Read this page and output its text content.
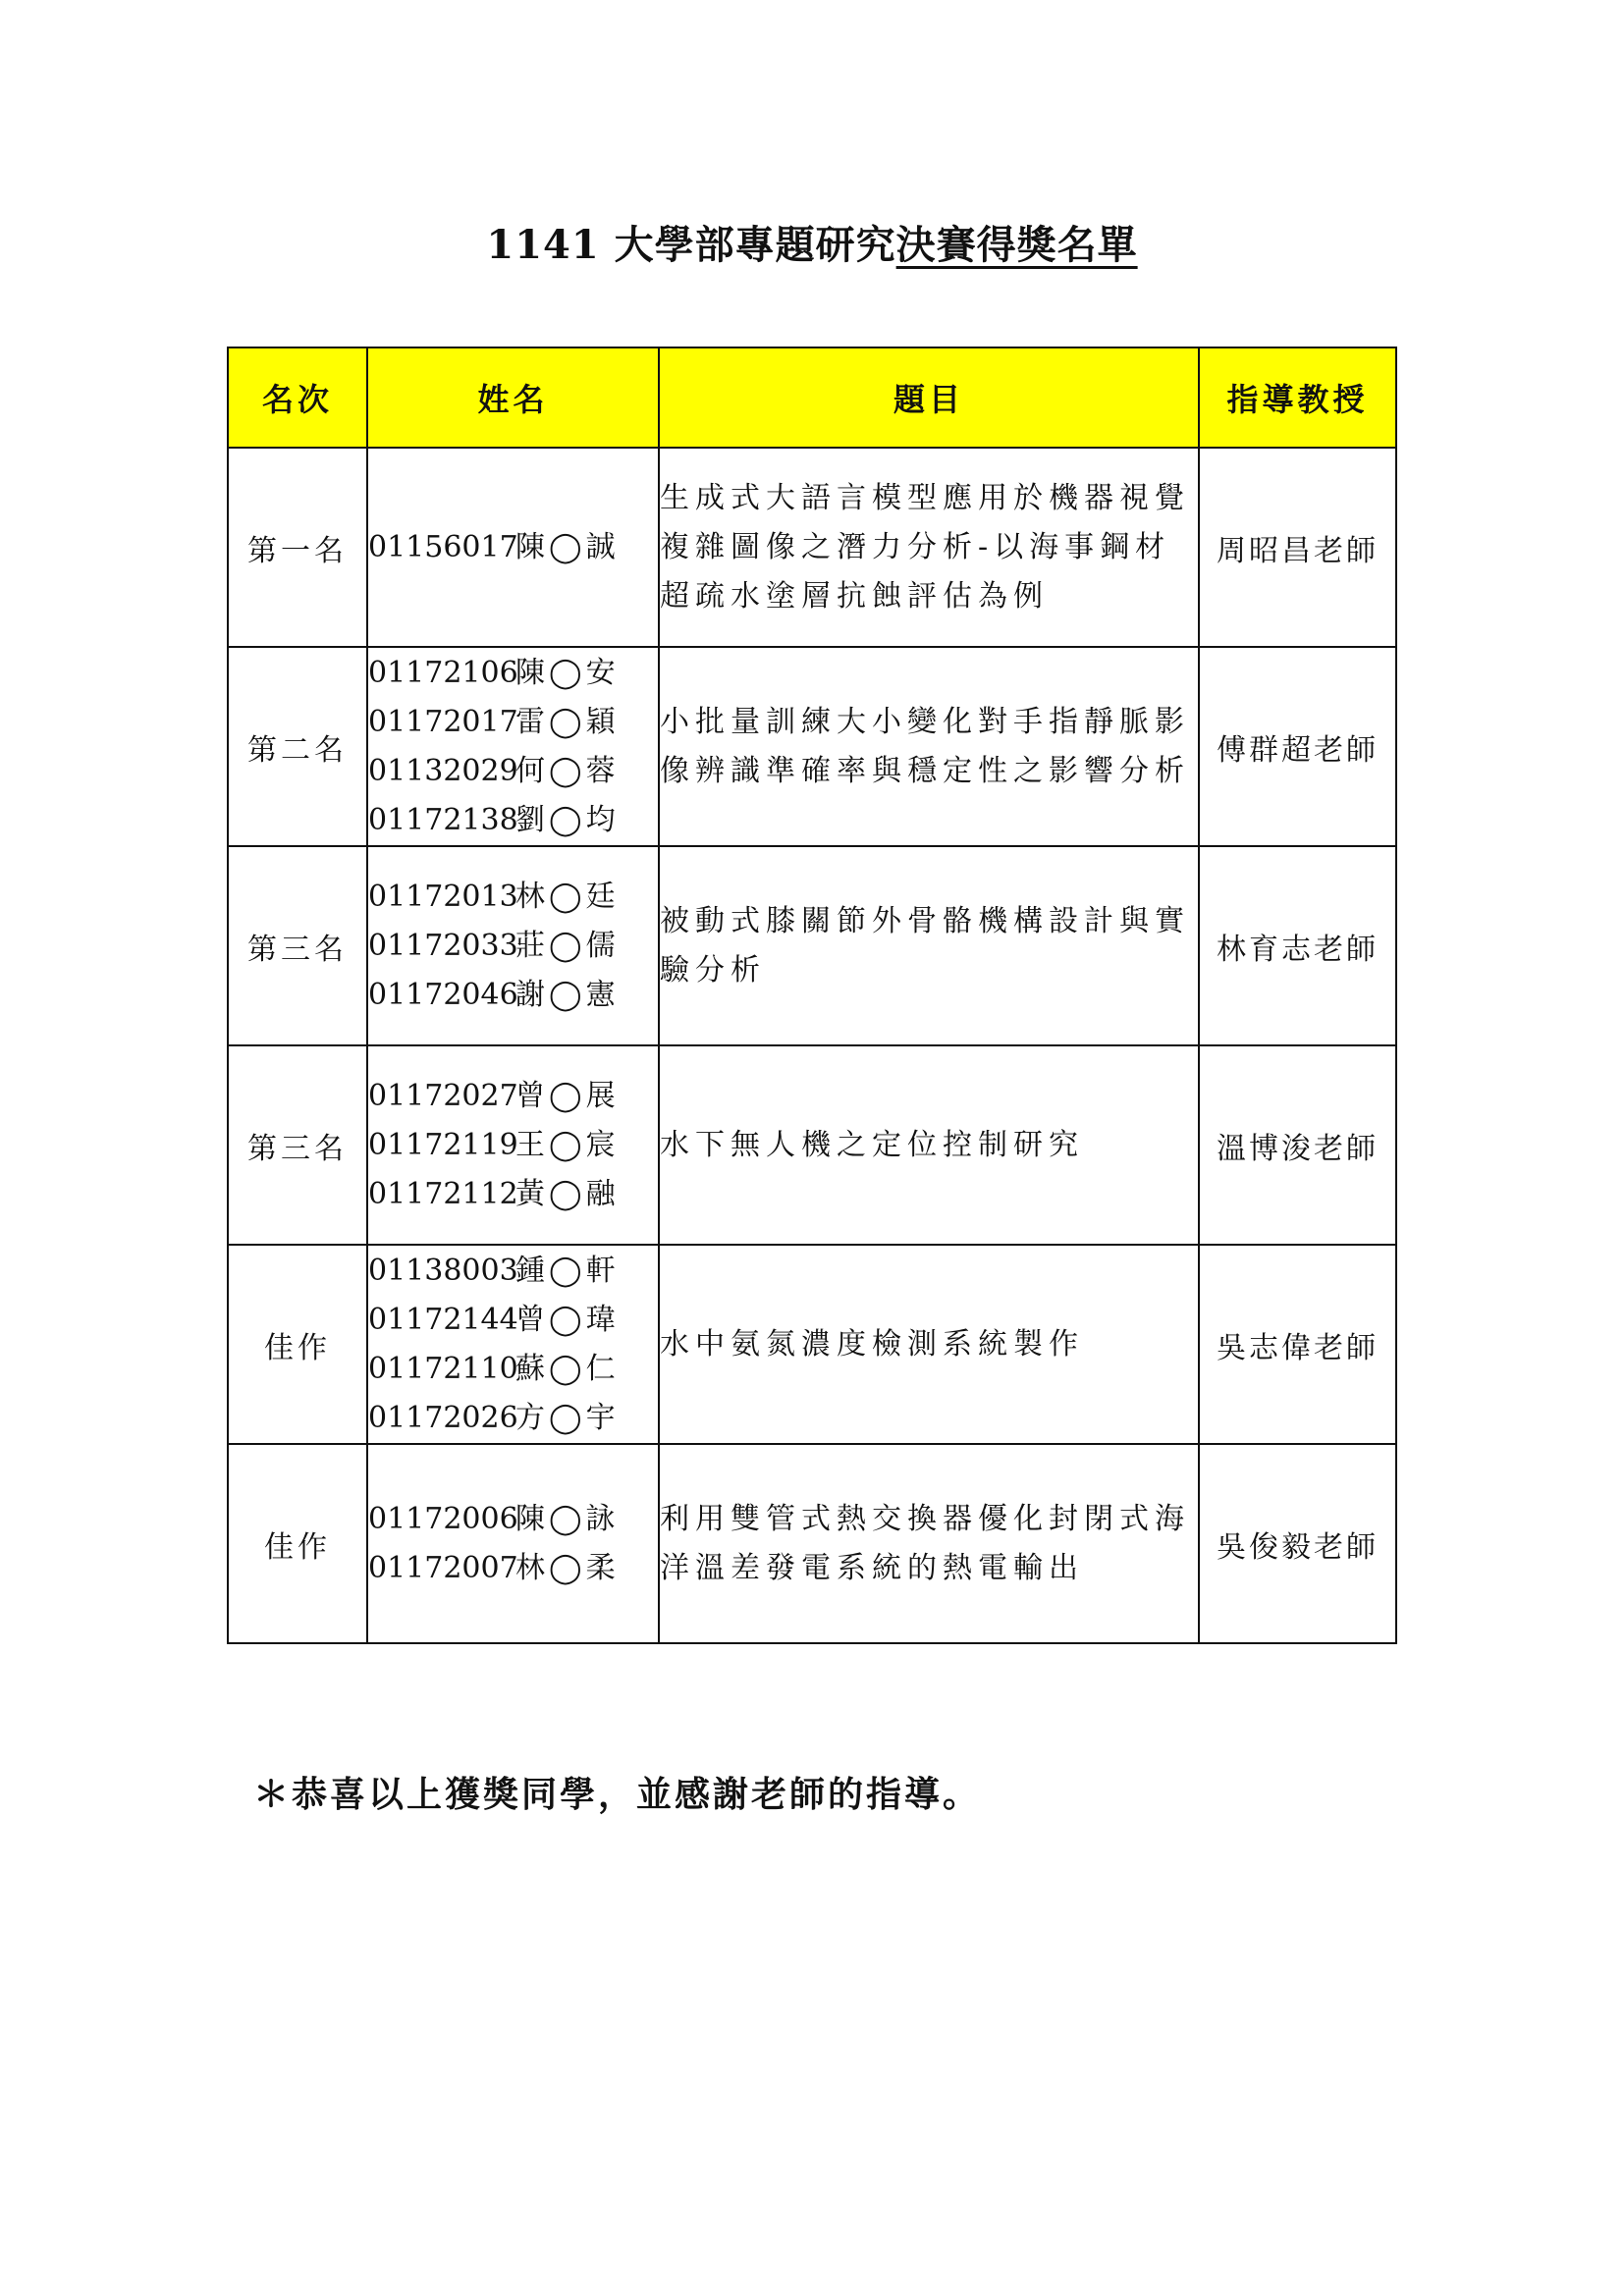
1141 大學部專題研究決賽得獎名單
名次	姓名	題目	指導教授
第一名	01156017陳◯誠	生成式大語言模型應用於機器視覺複雜圖像之潛力分析-以海事鋼材超疏水塗層抗蝕評估為例	周昭昌老師
第二名	01172106陳◯安
01172017雷◯穎
01132029何◯蓉
01172138劉◯均	小批量訓練大小變化對手指靜脈影像辨識準確率與穩定性之影響分析	傅群超老師
第三名	01172013林◯廷
01172033莊◯儒
01172046謝◯憲	被動式膝關節外骨骼機構設計與實驗分析	林育志老師
第三名	01172027曾◯展
01172119王◯宸
01172112黃◯融	水下無人機之定位控制研究	溫博浚老師
佳作	01138003鍾◯軒
01172144曾◯瑋
01172110蘇◯仁
01172026方◯宇	水中氨氮濃度檢測系統製作	吳志偉老師
佳作	01172006陳◯詠
01172007林◯柔	利用雙管式熱交換器優化封閉式海洋溫差發電系統的熱電輸出	吳俊毅老師
＊恭喜以上獲獎同學，並感謝老師的指導。
